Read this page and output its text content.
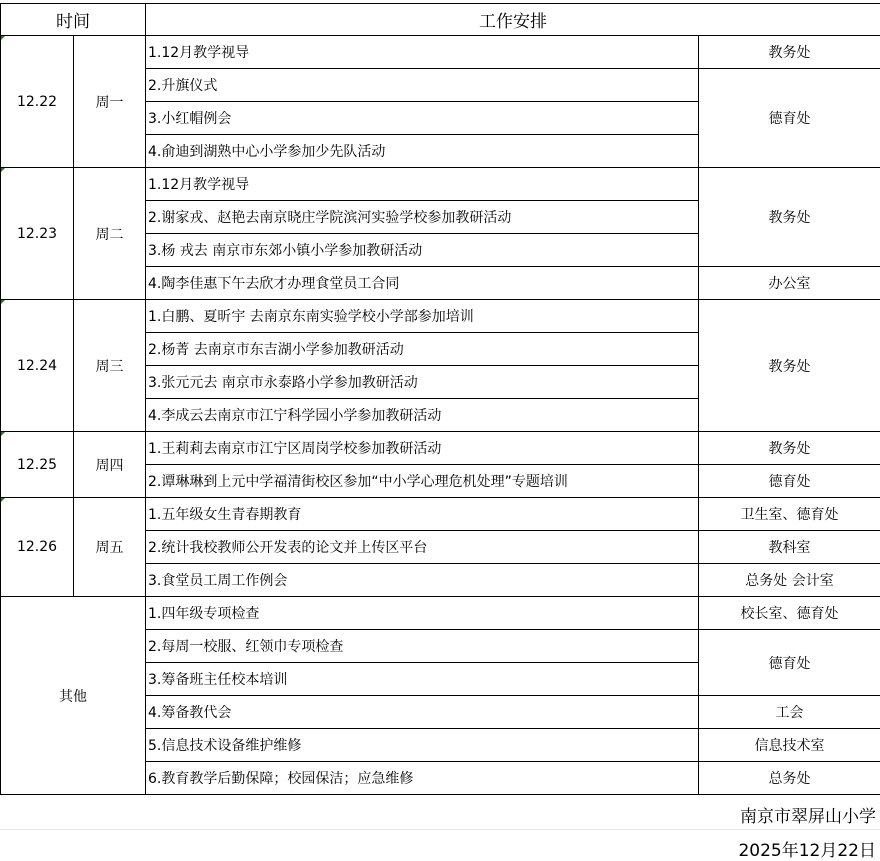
时间		工作安排	

12.22	周一	1.12月教学视导	教务处
		2.升旗仪式	德育处
		3.小红帽例会	
		4.俞迪到湖熟中心小学参加少先队活动	

12.23	周二	1.12月教学视导	教务处
		2.谢家戎、赵艳去南京晓庄学院滨河实验学校参加教研活动	
		3.杨 戎去 南京市东郊小镇小学参加教研活动	
		4.陶李佳惠下午去欣才办理食堂员工合同	办公室

12.24	周三	1.白鹏、夏昕宇 去南京东南实验学校小学部参加培训	教务处
		2.杨菁 去南京市东吉湖小学参加教研活动	
		3.张元元去 南京市永泰路小学参加教研活动	
		4.李成云去南京市江宁科学园小学参加教研活动	

12.25	周四	1.王莉莉去南京市江宁区周岗学校参加教研活动	教务处
		2.谭琳琳到上元中学福清街校区参加“中小学心理危机处理”专题培训	德育处

12.26	周五	1.五年级女生青春期教育	卫生室、德育处
		2.统计我校教师公开发表的论文并上传区平台	教科室
		3.食堂员工周工作例会	总务处 会计室
其他		1.四年级专项检查	校长室、德育处
		2.每周一校服、红领巾专项检查	德育处
		3.筹备班主任校本培训	
		4.筹备教代会	工会
		5.信息技术设备维护维修	信息技术室
		6.教育教学后勤保障；校园保洁；应急维修	总务处
南京市翠屏山小学
2025年12月22日
